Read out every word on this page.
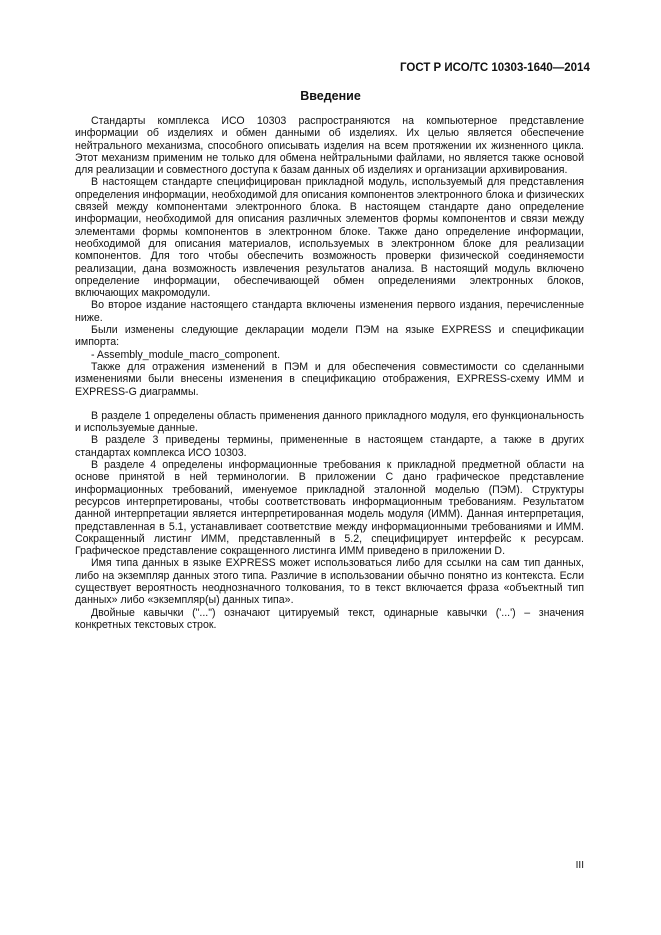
ГОСТ Р ИСО/ТС 10303-1640—2014
Введение

Стандарты комплекса ИСО 10303 распространяются на компьютерное представление информации об изделиях и обмен данными об изделиях. Их целью является обеспечение нейтрального механизма, способного описывать изделия на всем протяжении их жизненного цикла. Этот механизм применим не только для обмена нейтральными файлами, но является также основой для реализации и совместного доступа к базам данных об изделиях и организации архивирования.

В настоящем стандарте специфицирован прикладной модуль, используемый для представления определения информации, необходимой для описания компонентов электронного блока и физических связей между компонентами электронного блока. В настоящем стандарте дано определение информации, необходимой для описания различных элементов формы компонентов и связи между элементами формы компонентов в электронном блоке. Также дано определение информации, необходимой для описания материалов, используемых в электронном блоке для реализации компонентов. Для того чтобы обеспечить возможность проверки физической соединяемости реализации, дана возможность извлечения результатов анализа. В настоящий модуль включено определение информации, обеспечивающей обмен определениями электронных блоков, включающих макромодули.

Во второе издание настоящего стандарта включены изменения первого издания, перечисленные ниже.

Были изменены следующие декларации модели ПЭМ на языке EXPRESS и спецификации импорта:

- Assembly_module_macro_component.

Также для отражения изменений в ПЭМ и для обеспечения совместимости со сделанными изменениями были внесены изменения в спецификацию отображения, EXPRESS-схему ИММ и EXPRESS-G диаграммы.

В разделе 1 определены область применения данного прикладного модуля, его функциональность и используемые данные.

В разделе 3 приведены термины, примененные в настоящем стандарте, а также в других стандартах комплекса ИСО 10303.

В разделе 4 определены информационные требования к прикладной предметной области на основе принятой в ней терминологии. В приложении С дано графическое представление информационных требований, именуемое прикладной эталонной моделью (ПЭМ). Структуры ресурсов интерпретированы, чтобы соответствовать информационным требованиям. Результатом данной интерпретации является интерпретированная модель модуля (ИММ). Данная интерпретация, представленная в 5.1, устанавливает соответствие между информационными требованиями и ИММ. Сокращенный листинг ИММ, представленный в 5.2, специфицирует интерфейс к ресурсам. Графическое представление сокращенного листинга ИММ приведено в приложении D.

Имя типа данных в языке EXPRESS может использоваться либо для ссылки на сам тип данных, либо на экземпляр данных этого типа. Различие в использовании обычно понятно из контекста. Если существует вероятность неоднозначного толкования, то в текст включается фраза «объектный тип данных» либо «экземпляр(ы) данных типа».

Двойные кавычки ("...") означают цитируемый текст, одинарные кавычки ('...') – значения конкретных текстовых строк.

III
